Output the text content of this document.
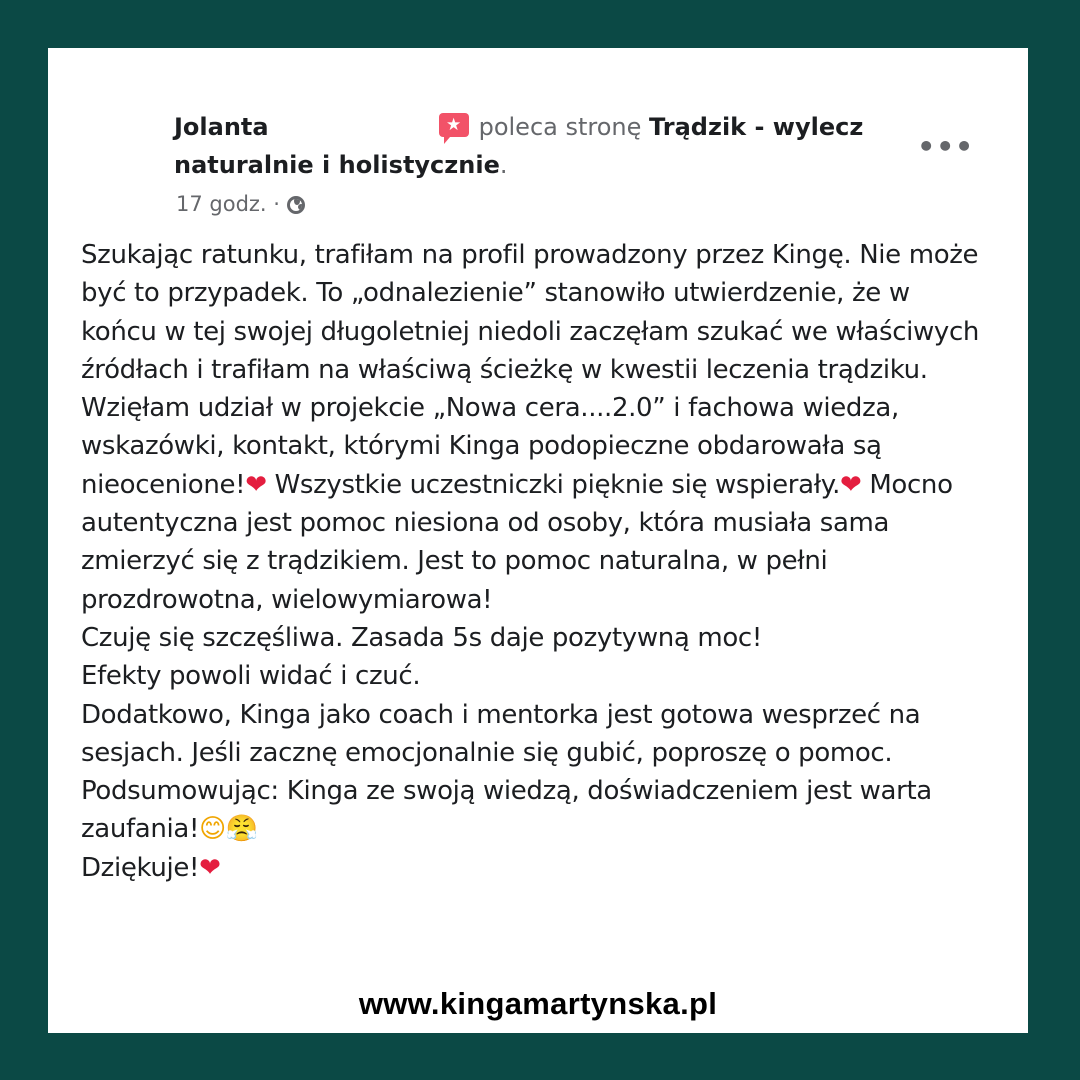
Jolanta	★ poleca stronę Trądzik - wylecz
naturalnie i holistycznie.
17 godz. ·
•••
Szukając ratunku, trafiłam na profil prowadzony przez Kingę. Nie może
być to przypadek. To „odnalezienie” stanowiło utwierdzenie, że w
końcu w tej swojej długoletniej niedoli zaczęłam szukać we właściwych
źródłach i trafiłam na właściwą ścieżkę w kwestii leczenia trądziku.
Wzięłam udział w projekcie „Nowa cera....2.0” i fachowa wiedza,
wskazówki, kontakt, którymi Kinga podopieczne obdarowała są
nieocenione!❤ Wszystkie uczestniczki pięknie się wspierały.❤ Mocno
autentyczna jest pomoc niesiona od osoby, która musiała sama
zmierzyć się z trądzikiem. Jest to pomoc naturalna, w pełni
prozdrowotna, wielowymiarowa!
Czuję się szczęśliwa. Zasada 5s daje pozytywną moc!
Efekty powoli widać i czuć.
Dodatkowo, Kinga jako coach i mentorka jest gotowa wesprzeć na
sesjach. Jeśli zacznę emocjonalnie się gubić, poproszę o pomoc.
Podsumowując: Kinga ze swoją wiedzą, doświadczeniem jest warta
zaufania!😊😤
Dziękuje!❤
www.kingamartynska.pl
